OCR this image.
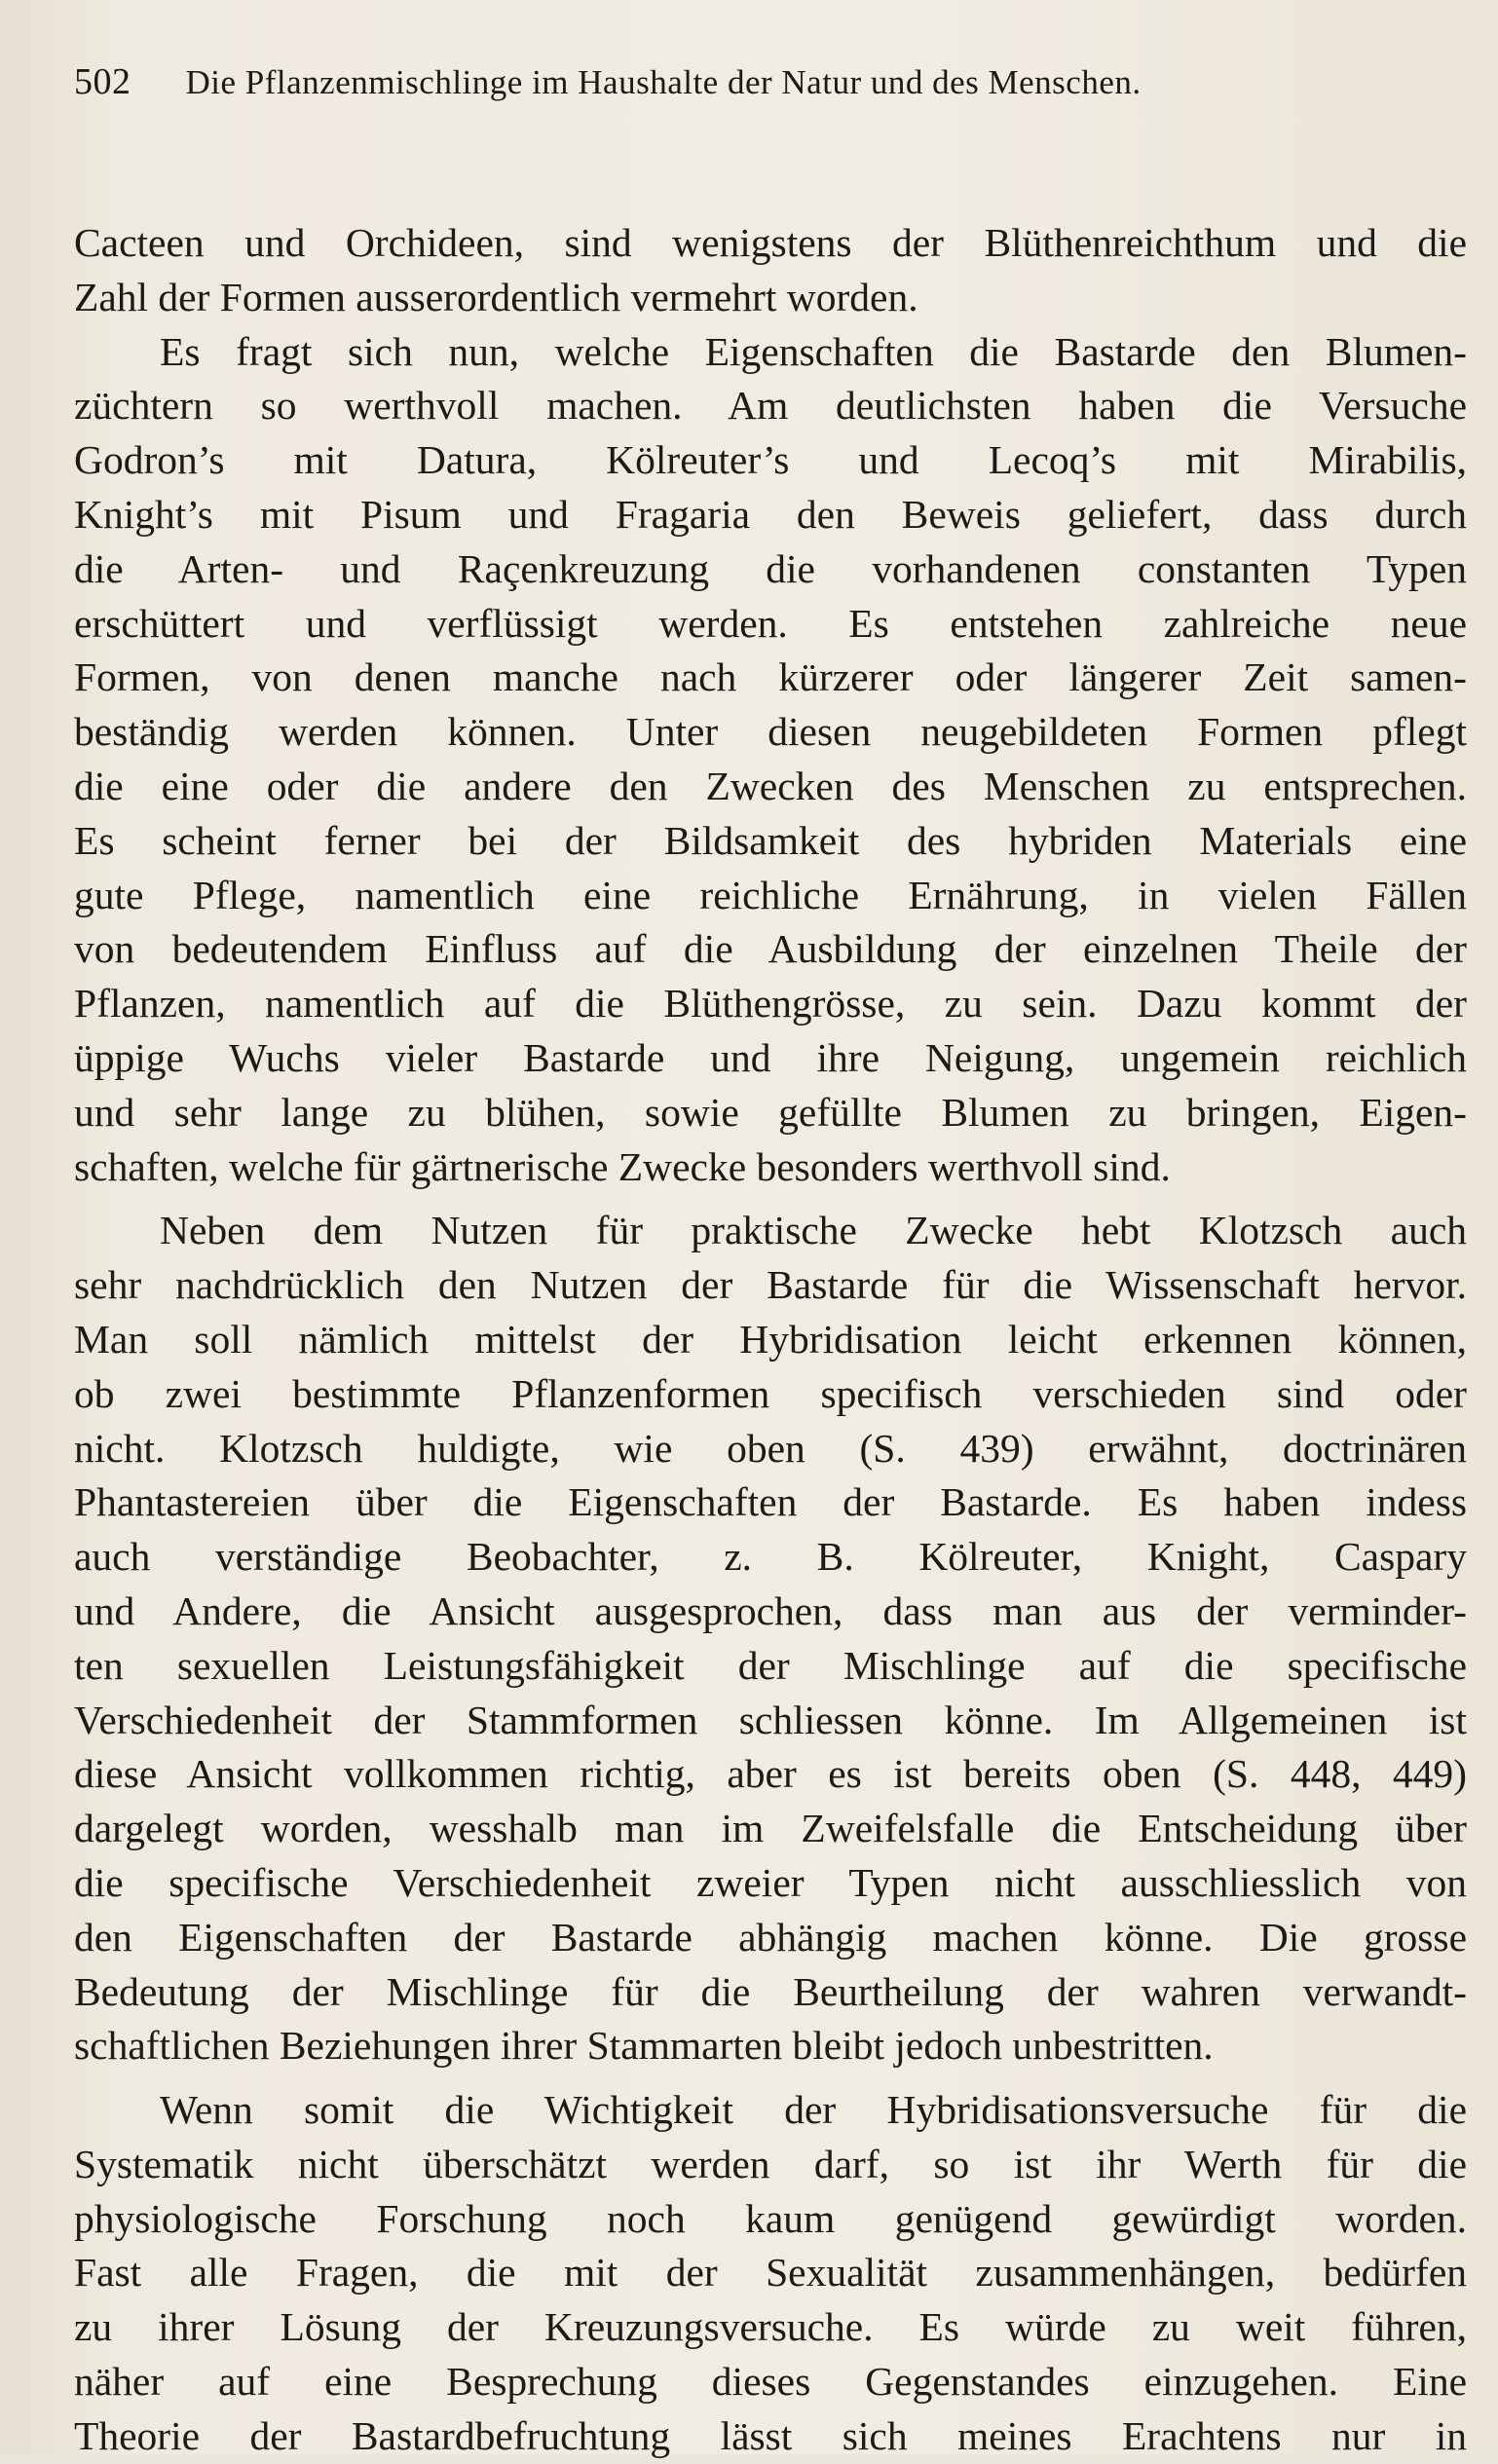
502 Die Pflanzenmischlinge im Haushalte der Natur und des Menschen.
Cacteen und Orchideen, sind wenigstens der Blüthenreichthum und die
Zahl der Formen ausserordentlich vermehrt worden.
Es fragt sich nun, welche Eigenschaften die Bastarde den Blumen-
züchtern so werthvoll machen. Am deutlichsten haben die Versuche
Godron’s mit Datura, Kölreuter’s und Lecoq’s mit Mirabilis,
Knight’s mit Pisum und Fragaria den Beweis geliefert, dass durch
die Arten- und Raçenkreuzung die vorhandenen constanten Typen
erschüttert und verflüssigt werden. Es entstehen zahlreiche neue
Formen, von denen manche nach kürzerer oder längerer Zeit samen-
beständig werden können. Unter diesen neugebildeten Formen pflegt
die eine oder die andere den Zwecken des Menschen zu entsprechen.
Es scheint ferner bei der Bildsamkeit des hybriden Materials eine
gute Pflege, namentlich eine reichliche Ernährung, in vielen Fällen
von bedeutendem Einfluss auf die Ausbildung der einzelnen Theile der
Pflanzen, namentlich auf die Blüthengrösse, zu sein. Dazu kommt der
üppige Wuchs vieler Bastarde und ihre Neigung, ungemein reichlich
und sehr lange zu blühen, sowie gefüllte Blumen zu bringen, Eigen-
schaften, welche für gärtnerische Zwecke besonders werthvoll sind.
Neben dem Nutzen für praktische Zwecke hebt Klotzsch auch
sehr nachdrücklich den Nutzen der Bastarde für die Wissenschaft hervor.
Man soll nämlich mittelst der Hybridisation leicht erkennen können,
ob zwei bestimmte Pflanzenformen specifisch verschieden sind oder
nicht. Klotzsch huldigte, wie oben (S. 439) erwähnt, doctrinären
Phantastereien über die Eigenschaften der Bastarde. Es haben indess
auch verständige Beobachter, z. B. Kölreuter, Knight, Caspary
und Andere, die Ansicht ausgesprochen, dass man aus der verminder-
ten sexuellen Leistungsfähigkeit der Mischlinge auf die specifische
Verschiedenheit der Stammformen schliessen könne. Im Allgemeinen ist
diese Ansicht vollkommen richtig, aber es ist bereits oben (S. 448, 449)
dargelegt worden, wesshalb man im Zweifelsfalle die Entscheidung über
die specifische Verschiedenheit zweier Typen nicht ausschliesslich von
den Eigenschaften der Bastarde abhängig machen könne. Die grosse
Bedeutung der Mischlinge für die Beurtheilung der wahren verwandt-
schaftlichen Beziehungen ihrer Stammarten bleibt jedoch unbestritten.
Wenn somit die Wichtigkeit der Hybridisationsversuche für die
Systematik nicht überschätzt werden darf, so ist ihr Werth für die
physiologische Forschung noch kaum genügend gewürdigt worden.
Fast alle Fragen, die mit der Sexualität zusammenhängen, bedürfen
zu ihrer Lösung der Kreuzungsversuche. Es würde zu weit führen,
näher auf eine Besprechung dieses Gegenstandes einzugehen. Eine
Theorie der Bastardbefruchtung lässt sich meines Erachtens nur in
